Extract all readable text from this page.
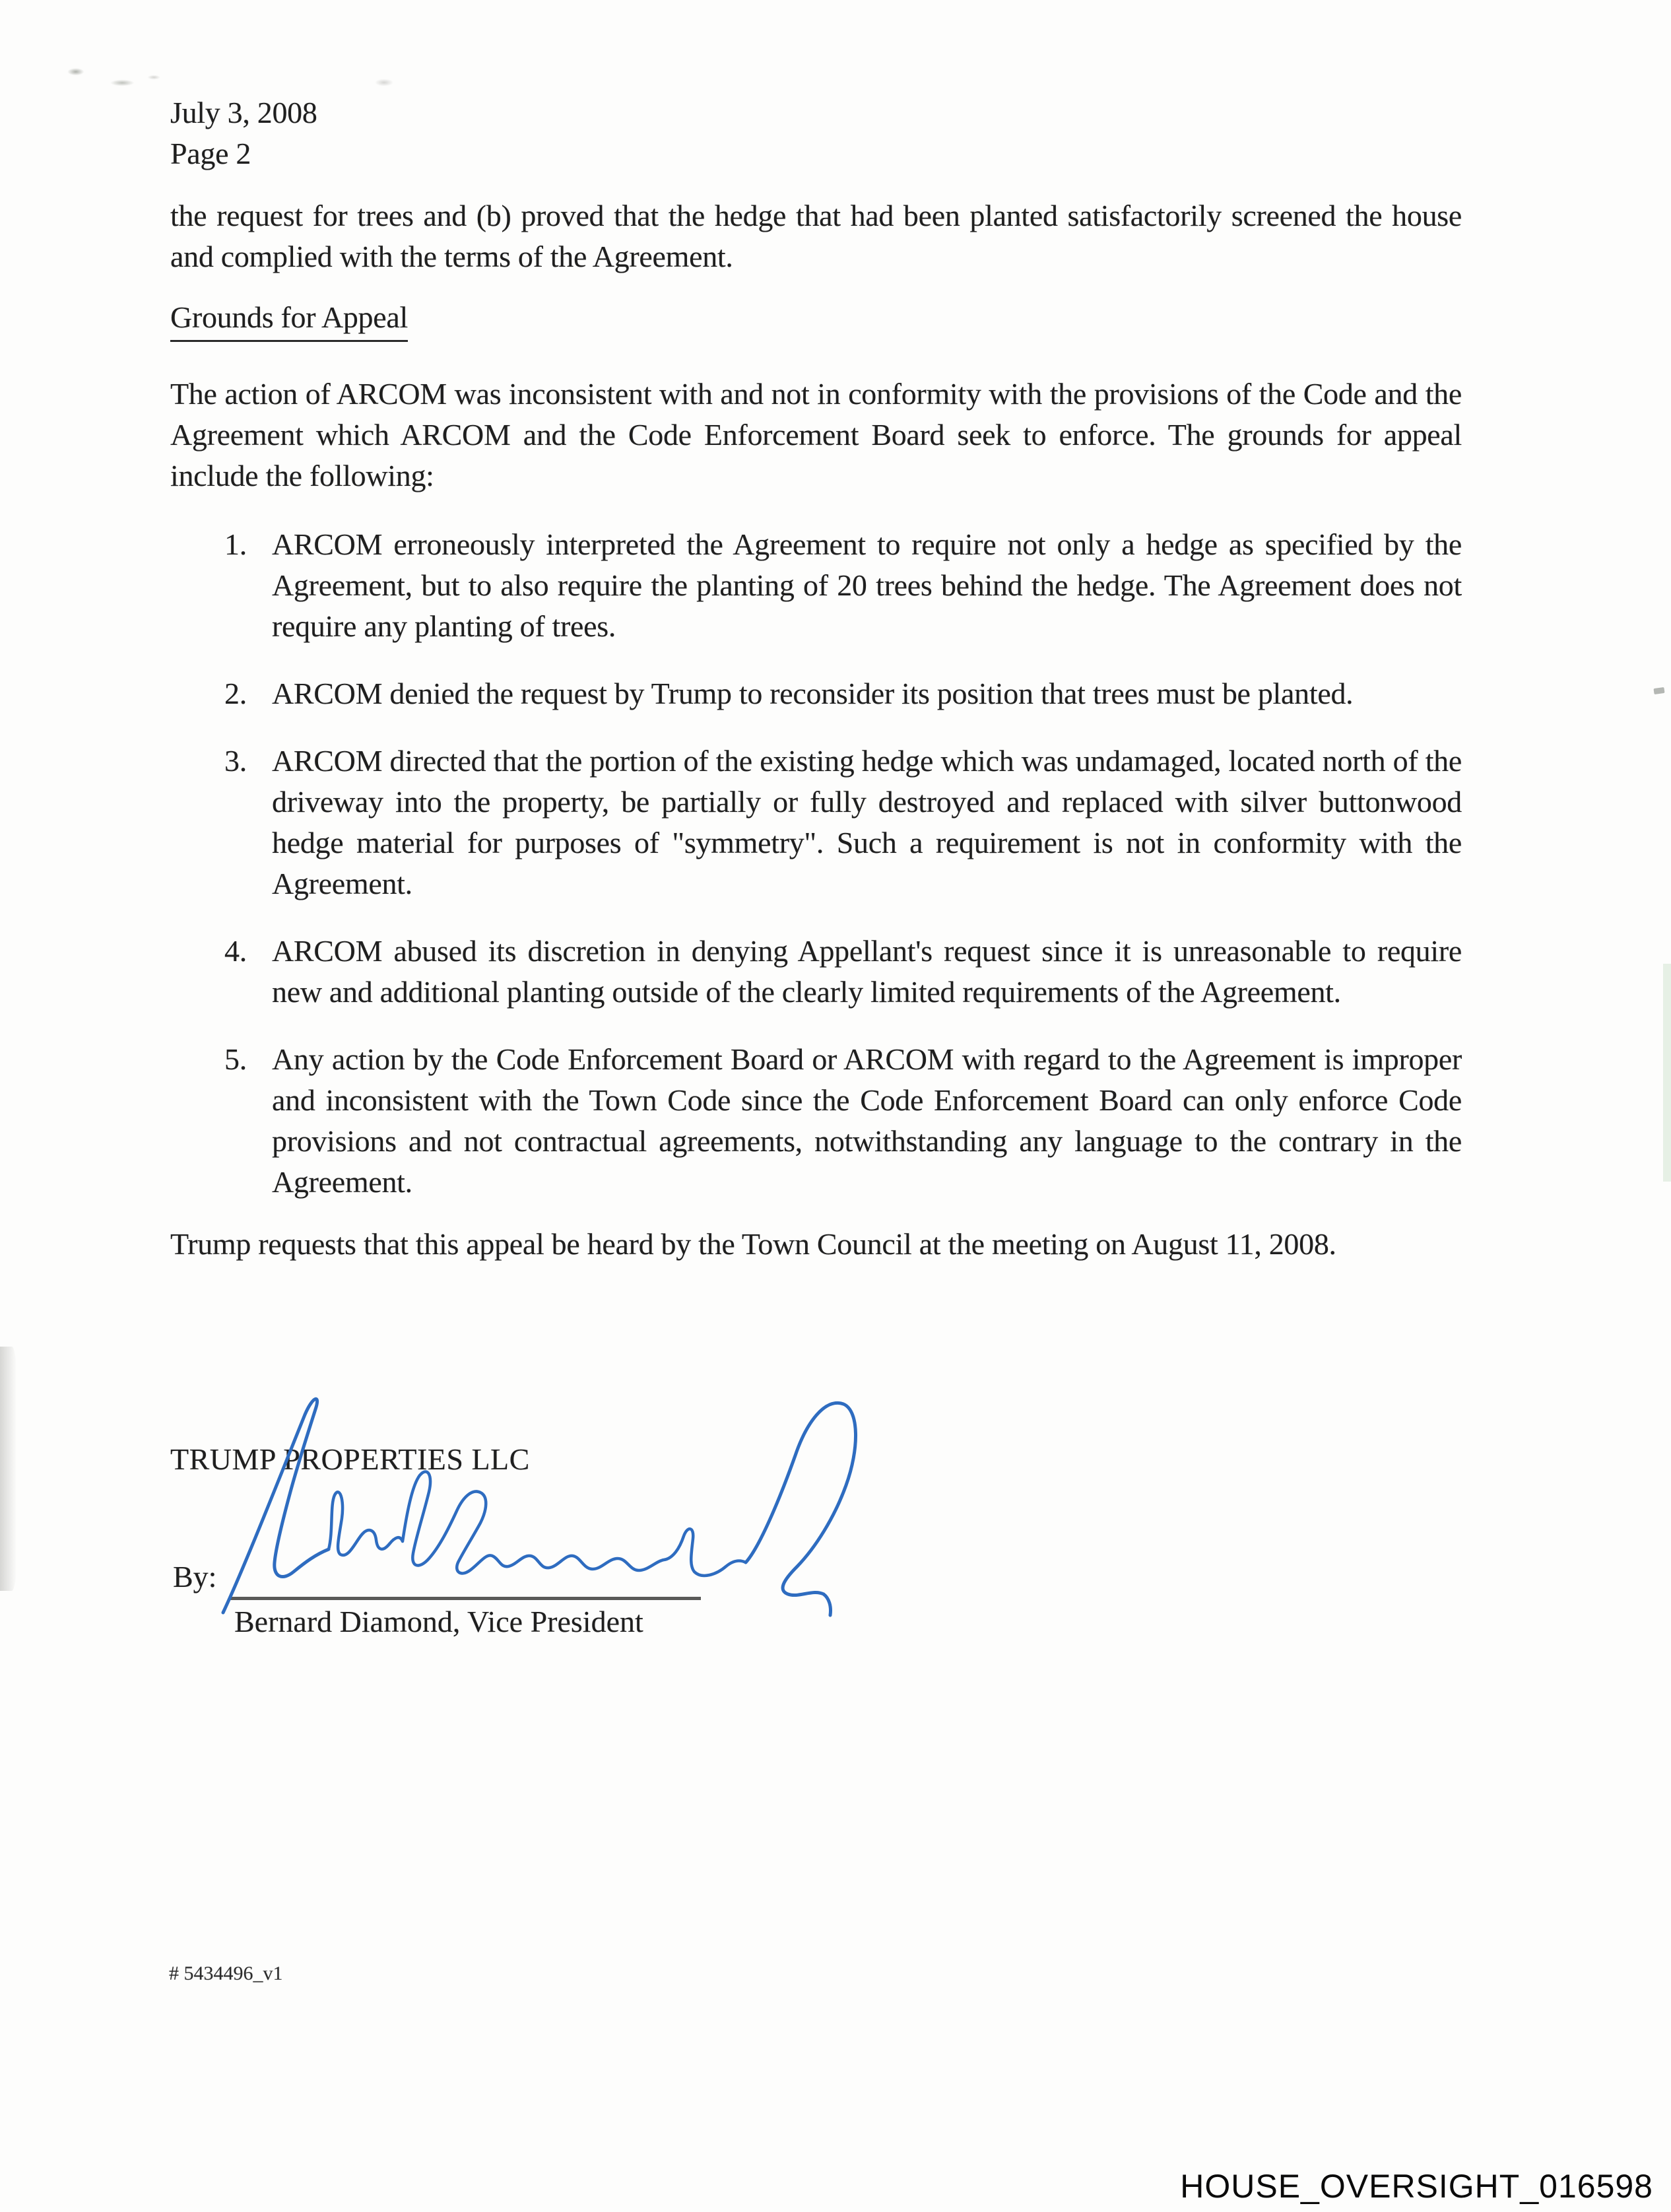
July 3, 2008
Page 2
the request for trees and (b) proved that the hedge that had been planted satisfactorily screened the house and complied with the terms of the Agreement.
Grounds for Appeal
The action of ARCOM was inconsistent with and not in conformity with the provisions of the Code and the Agreement which ARCOM and the Code Enforcement Board seek to enforce. The grounds for appeal include the following:
1. ARCOM erroneously interpreted the Agreement to require not only a hedge as specified by the Agreement, but to also require the planting of 20 trees behind the hedge. The Agreement does not require any planting of trees.
2. ARCOM denied the request by Trump to reconsider its position that trees must be planted.
3. ARCOM directed that the portion of the existing hedge which was undamaged, located north of the driveway into the property, be partially or fully destroyed and replaced with silver buttonwood hedge material for purposes of "symmetry". Such a requirement is not in conformity with the Agreement.
4. ARCOM abused its discretion in denying Appellant's request since it is unreasonable to require new and additional planting outside of the clearly limited requirements of the Agreement.
5. Any action by the Code Enforcement Board or ARCOM with regard to the Agreement is improper and inconsistent with the Town Code since the Code Enforcement Board can only enforce Code provisions and not contractual agreements, notwithstanding any language to the contrary in the Agreement.
Trump requests that this appeal be heard by the Town Council at the meeting on August 11, 2008.
TRUMP PROPERTIES LLC
By:
Bernard Diamond, Vice President
# 5434496_v1
HOUSE_OVERSIGHT_016598
